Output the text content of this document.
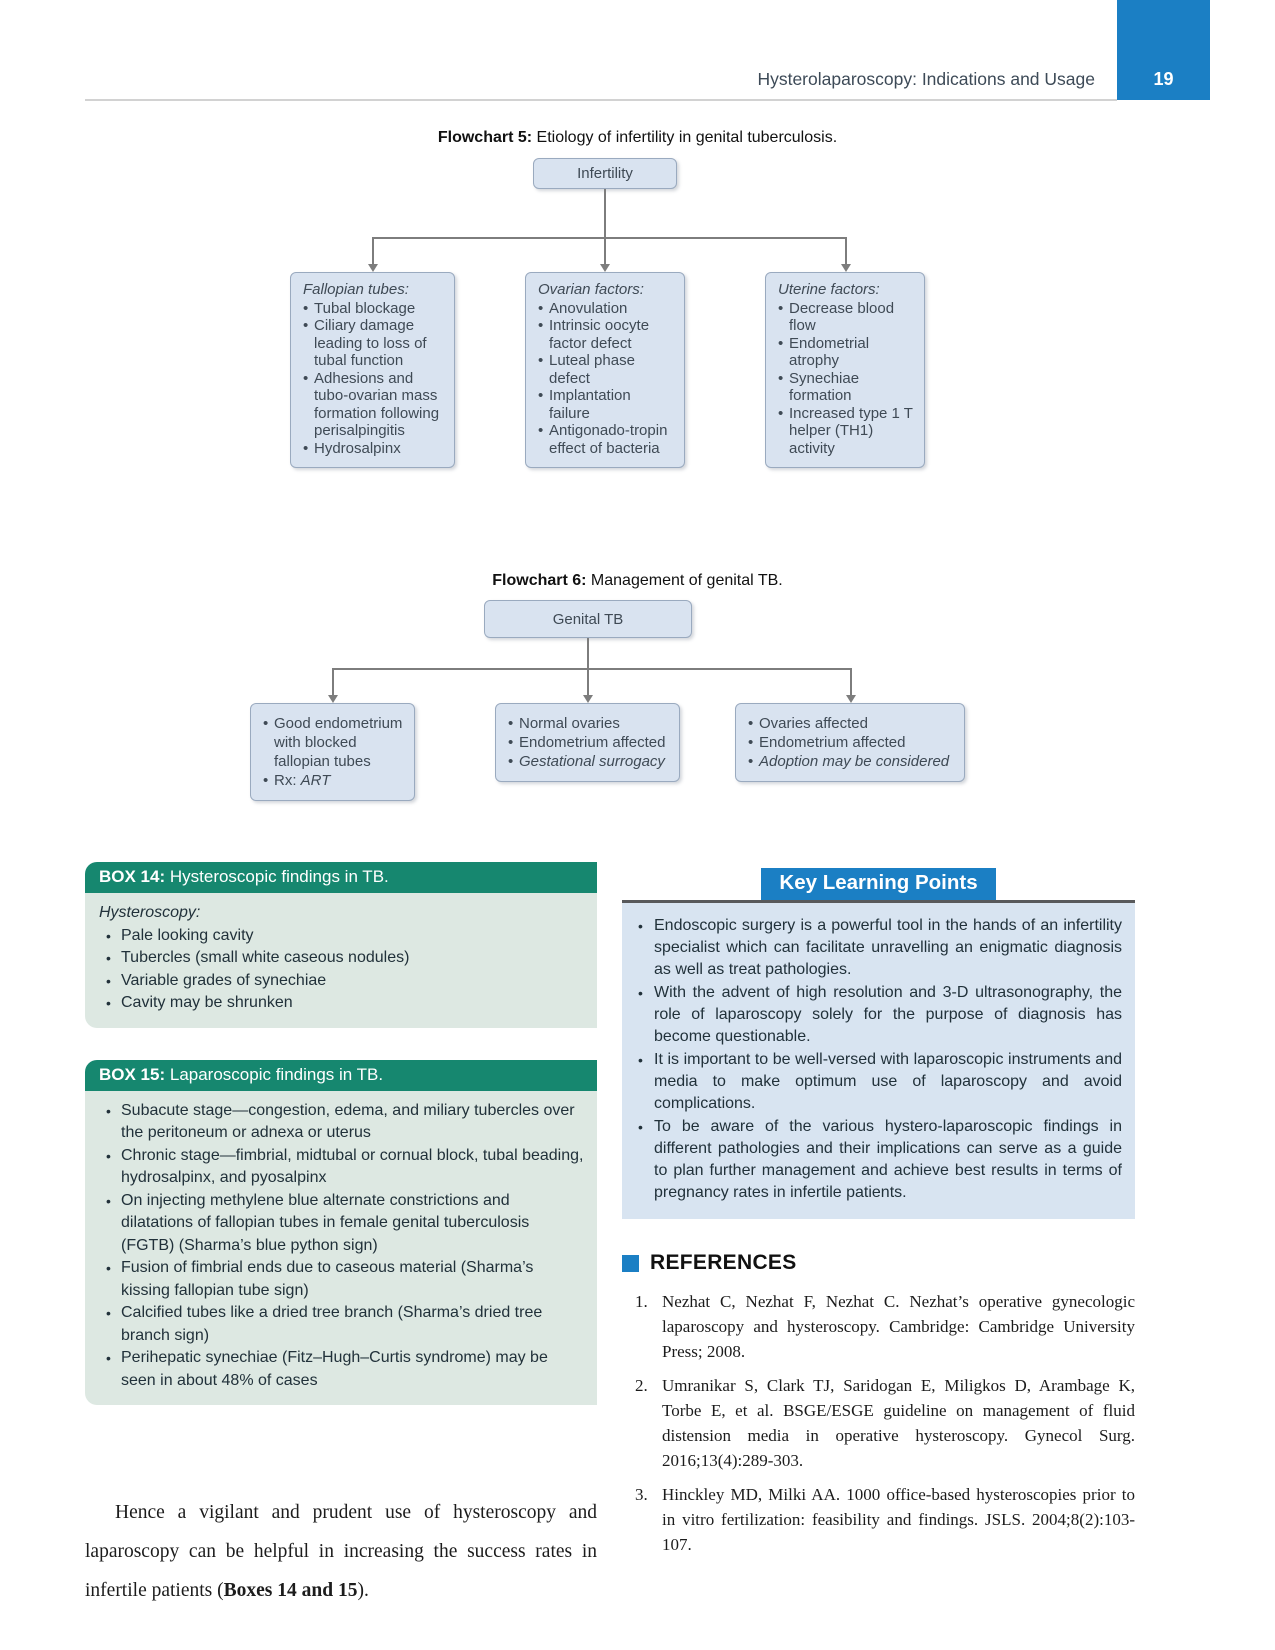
19
Hysterolaparoscopy: Indications and Usage
Flowchart 5: Etiology of infertility in genital tuberculosis.
Infertility
Fallopian tubes:
• Tubal blockage
• Ciliary damage leading to loss of tubal function
• Adhesions and tubo-ovarian mass formation following perisalpingitis
• Hydrosalpinx
Ovarian factors:
• Anovulation
• Intrinsic oocyte factor defect
• Luteal phase defect
• Implantation failure
• Antigonado-tropin effect of bacteria
Uterine factors:
• Decrease blood flow
• Endometrial atrophy
• Synechiae formation
• Increased type 1 T helper (TH1) activity
Flowchart 6: Management of genital TB.
Genital TB
• Good endometrium with blocked fallopian tubes
• Rx: ART
• Normal ovaries
• Endometrium affected
• Gestational surrogacy
• Ovaries affected
• Endometrium affected
• Adoption may be considered
BOX 14: Hysteroscopic findings in TB.
Hysteroscopy:
• Pale looking cavity
• Tubercles (small white caseous nodules)
• Variable grades of synechiae
• Cavity may be shrunken
BOX 15: Laparoscopic findings in TB.
• Subacute stage—congestion, edema, and miliary tubercles over the peritoneum or adnexa or uterus
• Chronic stage—fimbrial, midtubal or cornual block, tubal beading, hydrosalpinx, and pyosalpinx
• On injecting methylene blue alternate constrictions and dilatations of fallopian tubes in female genital tuberculosis (FGTB) (Sharma’s blue python sign)
• Fusion of fimbrial ends due to caseous material (Sharma’s kissing fallopian tube sign)
• Calcified tubes like a dried tree branch (Sharma’s dried tree branch sign)
• Perihepatic synechiae (Fitz–Hugh–Curtis syndrome) may be seen in about 48% of cases

Hence a vigilant and prudent use of hysteroscopy and laparoscopy can be helpful in increasing the success rates in infertile patients (Boxes 14 and 15).

Key Learning Points
• Endoscopic surgery is a powerful tool in the hands of an infertility specialist which can facilitate unravelling an enigmatic diagnosis as well as treat pathologies.
• With the advent of high resolution and 3-D ultrasonography, the role of laparoscopy solely for the purpose of diagnosis has become questionable.
• It is important to be well-versed with laparoscopic instruments and media to make optimum use of laparoscopy and avoid complications.
• To be aware of the various hystero-laparoscopic findings in different pathologies and their implications can serve as a guide to plan further management and achieve best results in terms of pregnancy rates in infertile patients.
REFERENCES
Nezhat C, Nezhat F, Nezhat C. Nezhat’s operative gynecologic laparoscopy and hysteroscopy. Cambridge: Cambridge University Press; 2008.
Umranikar S, Clark TJ, Saridogan E, Miligkos D, Arambage K, Torbe E, et al. BSGE/ESGE guideline on management of fluid distension media in operative hysteroscopy. Gynecol Surg. 2016;13(4):289-303.
Hinckley MD, Milki AA. 1000 office-based hysteroscopies prior to in vitro fertilization: feasibility and findings. JSLS. 2004;8(2):103-107.
